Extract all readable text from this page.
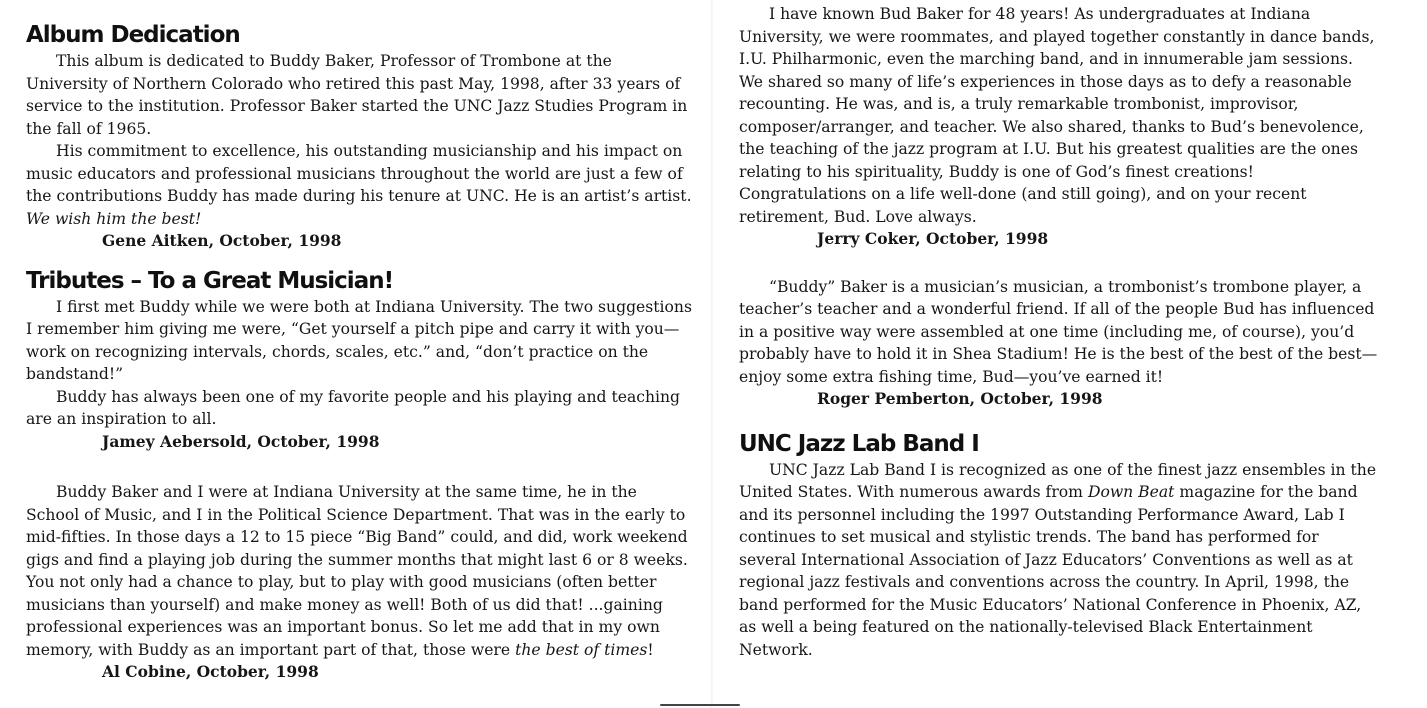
Album Dedication

This album is dedicated to Buddy Baker, Professor of Trombone at the University of Northern Colorado who retired this past May, 1998, after 33 years of service to the institution. Professor Baker started the UNC Jazz Studies Program in the fall of 1965.

His commitment to excellence, his outstanding musicianship and his impact on music educators and professional musicians throughout the world are just a few of the contributions Buddy has made during his tenure at UNC. He is an artist’s artist. We wish him the best!

Gene Aitken, October, 1998

Tributes – To a Great Musician!

I first met Buddy while we were both at Indiana University. The two suggestions I remember him giving me were, “Get yourself a pitch pipe and carry it with you—work on recognizing intervals, chords, scales, etc.” and, “don’t practice on the bandstand!”

Buddy has always been one of my favorite people and his playing and teaching are an inspiration to all.

Jamey Aebersold, October, 1998

Buddy Baker and I were at Indiana University at the same time, he in the School of Music, and I in the Political Science Department. That was in the early to mid-fifties. In those days a 12 to 15 piece “Big Band” could, and did, work weekend gigs and find a playing job during the summer months that might last 6 or 8 weeks. You not only had a chance to play, but to play with good musicians (often better musicians than yourself) and make money as well! Both of us did that! ...gaining professional experiences was an important bonus. So let me add that in my own memory, with Buddy as an important part of that, those were the best of times!

Al Cobine, October, 1998

I have known Bud Baker for 48 years! As undergraduates at Indiana University, we were roommates, and played together constantly in dance bands, I.U. Philharmonic, even the marching band, and in innumerable jam sessions. We shared so many of life’s experiences in those days as to defy a reasonable recounting. He was, and is, a truly remarkable trombonist, improvisor, composer/arranger, and teacher. We also shared, thanks to Bud’s benevolence, the teaching of the jazz program at I.U. But his greatest qualities are the ones relating to his spirituality, Buddy is one of God’s finest creations! Congratulations on a life well-done (and still going), and on your recent retirement, Bud. Love always.

Jerry Coker, October, 1998

“Buddy” Baker is a musician’s musician, a trombonist’s trombone player, a teacher’s teacher and a wonderful friend. If all of the people Bud has influenced in a positive way were assembled at one time (including me, of course), you’d probably have to hold it in Shea Stadium! He is the best of the best of the best—enjoy some extra fishing time, Bud—you’ve earned it!

Roger Pemberton, October, 1998

UNC Jazz Lab Band I

UNC Jazz Lab Band I is recognized as one of the finest jazz ensembles in the United States. With numerous awards from Down Beat magazine for the band and its personnel including the 1997 Outstanding Performance Award, Lab I continues to set musical and stylistic trends. The band has performed for several International Association of Jazz Educators’ Conventions as well as at regional jazz festivals and conventions across the country. In April, 1998, the band performed for the Music Educators’ National Conference in Phoenix, AZ, as well a being featured on the nationally-televised Black Entertainment Network.
